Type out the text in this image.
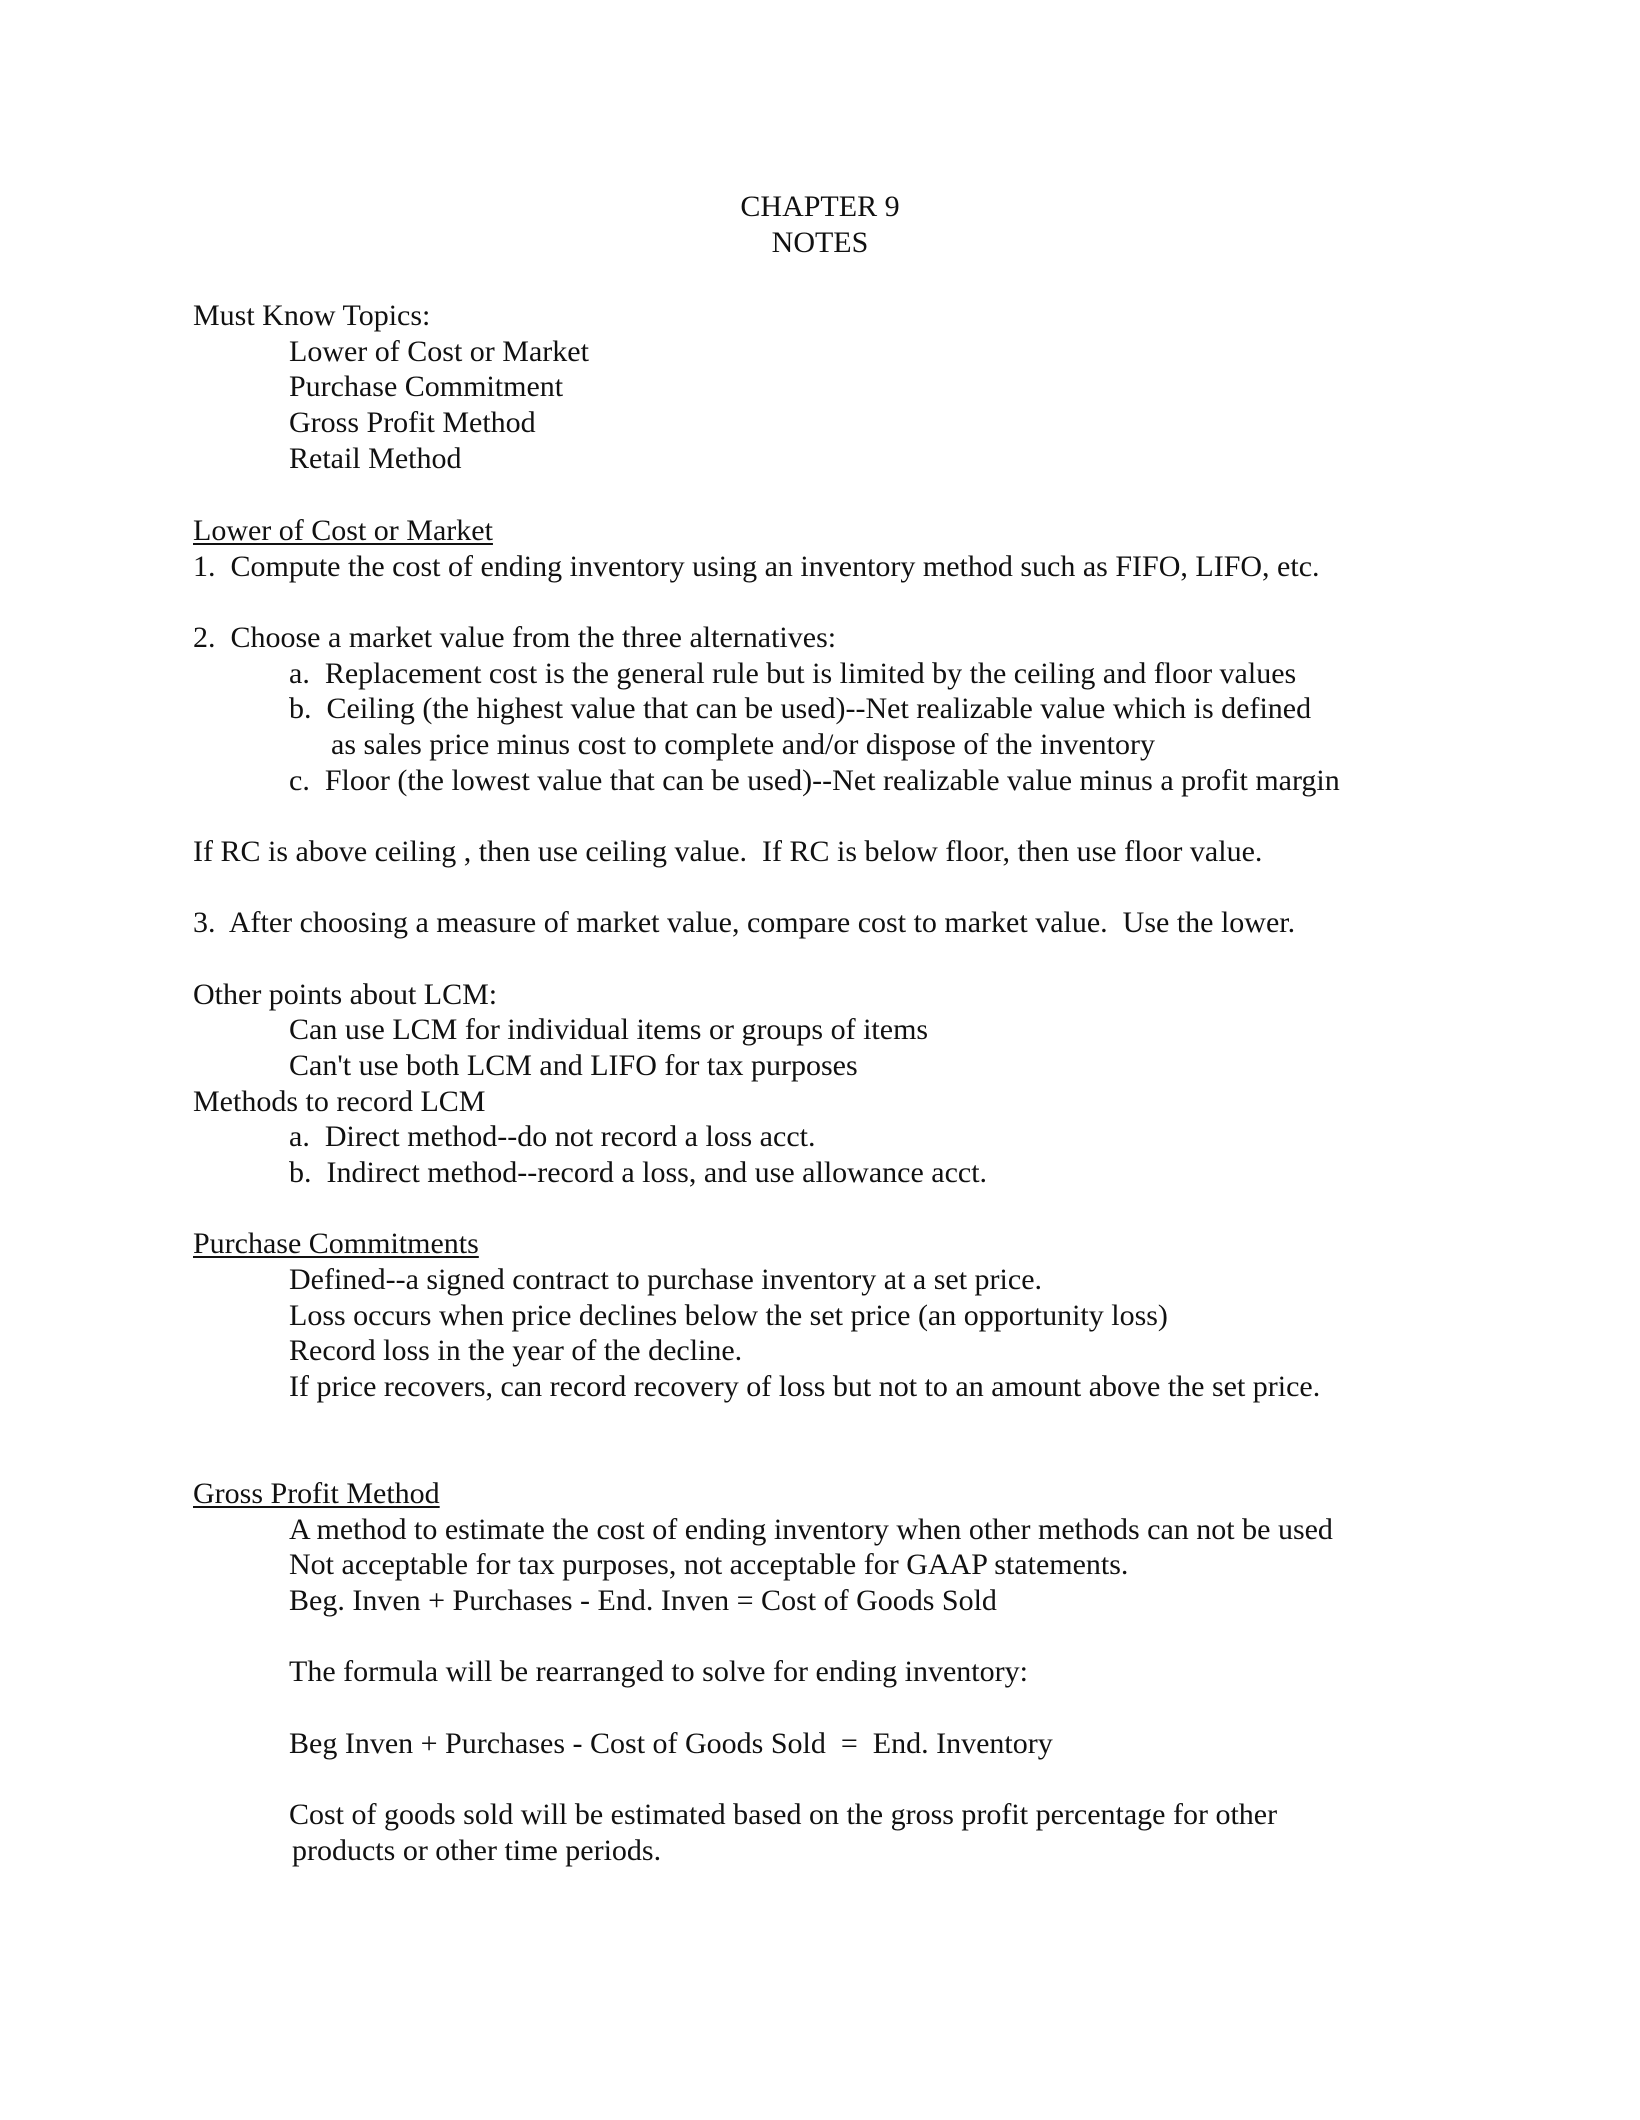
CHAPTER 9
NOTES
Must Know Topics:
Lower of Cost or Market
Purchase Commitment
Gross Profit Method
Retail Method
Lower of Cost or Market
1.  Compute the cost of ending inventory using an inventory method such as FIFO, LIFO, etc.
2.  Choose a market value from the three alternatives:
a.  Replacement cost is the general rule but is limited by the ceiling and floor values
b.  Ceiling (the highest value that can be used)--Net realizable value which is defined
as sales price minus cost to complete and/or dispose of the inventory
c.  Floor (the lowest value that can be used)--Net realizable value minus a profit margin
If RC is above ceiling , then use ceiling value.  If RC is below floor, then use floor value.
3.  After choosing a measure of market value, compare cost to market value.  Use the lower.
Other points about LCM:
Can use LCM for individual items or groups of items
Can't use both LCM and LIFO for tax purposes
Methods to record LCM
a.  Direct method--do not record a loss acct.
b.  Indirect method--record a loss, and use allowance acct.
Purchase Commitments
Defined--a signed contract to purchase inventory at a set price.
Loss occurs when price declines below the set price (an opportunity loss)
Record loss in the year of the decline.
If price recovers, can record recovery of loss but not to an amount above the set price.
Gross Profit Method
A method to estimate the cost of ending inventory when other methods can not be used
Not acceptable for tax purposes, not acceptable for GAAP statements.
Beg. Inven + Purchases - End. Inven = Cost of Goods Sold
The formula will be rearranged to solve for ending inventory:
Beg Inven + Purchases - Cost of Goods Sold  =  End. Inventory
Cost of goods sold will be estimated based on the gross profit percentage for other
products or other time periods.
